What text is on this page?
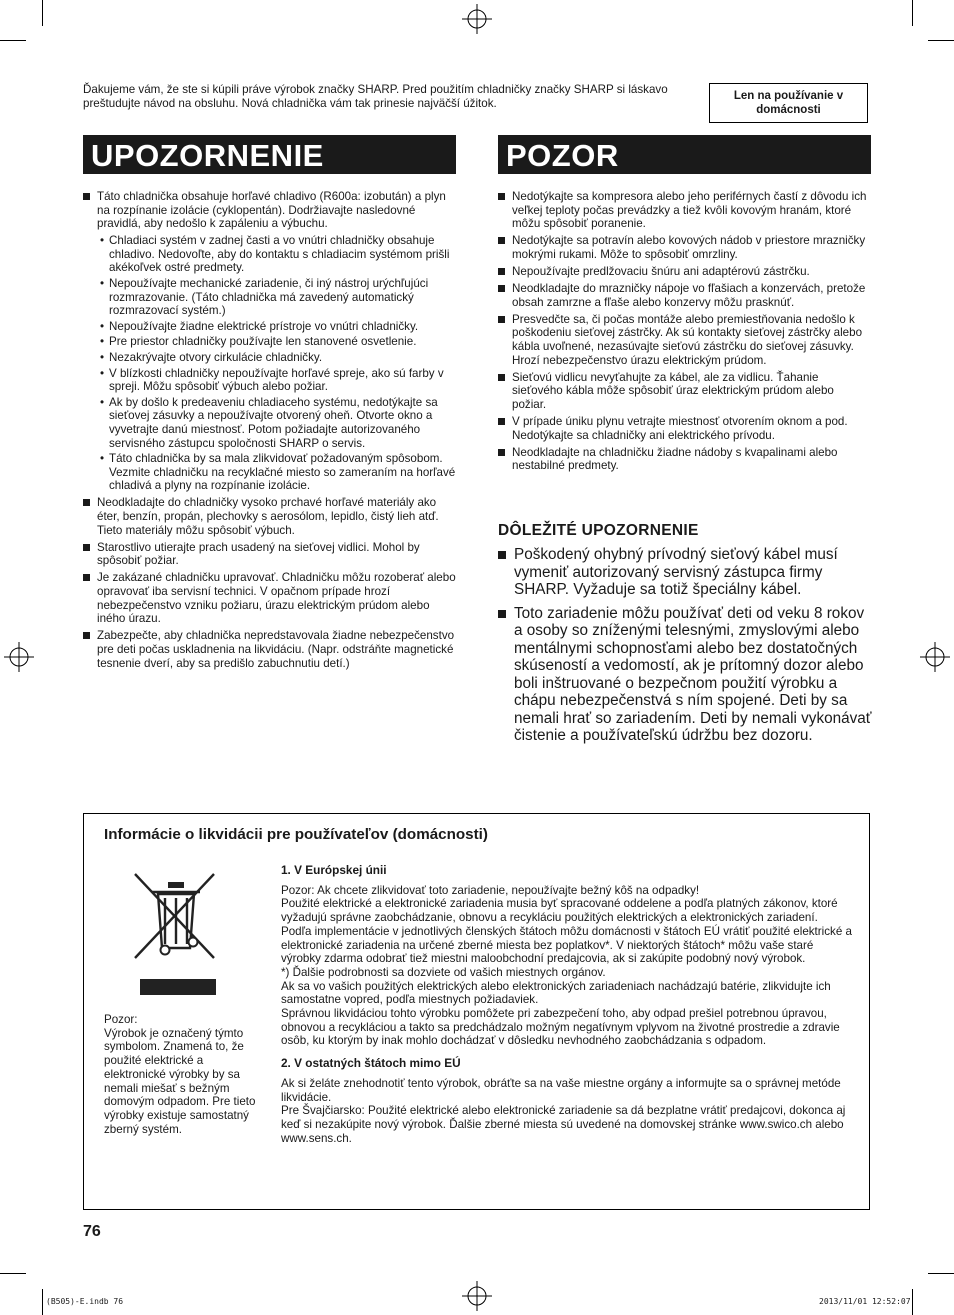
Ďakujeme vám, že ste si kúpili práve výrobok značky SHARP. Pred použitím chladničky značky SHARP si láskavo preštudujte návod na obsluhu. Nová chladnička vám tak prinesie najväčší úžitok.
Len na používanie v domácnosti
UPOZORNENIE	POZOR
Táto chladnička obsahuje horľavé chladivo (R600a: izobután) a plyn na rozpínanie izolácie (cyklopentán). Dodržiavajte nasledovné pravidlá, aby nedošlo k zapáleniu a výbuchu.
• Chladiaci systém v zadnej časti a vo vnútri chladničky obsahuje chladivo. Nedovoľte, aby do kontaktu s chladiacim systémom prišli akékoľvek ostré predmety.
• Nepoužívajte mechanické zariadenie, či iný nástroj urýchľujúci rozmrazovanie. (Táto chladnička má zavedený automatický rozmrazovací systém.)
• Nepoužívajte žiadne elektrické prístroje vo vnútri chladničky.
• Pre priestor chladničky používajte len stanovené osvetlenie.
• Nezakrývajte otvory cirkulácie chladničky.
• V blízkosti chladničky nepoužívajte horľavé spreje, ako sú farby v spreji. Môžu spôsobiť výbuch alebo požiar.
• Ak by došlo k predeaveniu chladiaceho systému, nedotýkajte sa sieťovej zásuvky a nepoužívajte otvorený oheň. Otvorte okno a vyvetrajte danú miestnosť. Potom požiadajte autorizovaného servisného zástupcu spoločnosti SHARP o servis.
• Táto chladnička by sa mala zlikvidovať požadovaným spôsobom. Vezmite chladničku na recyklačné miesto so zameraním na horľavé chladivá a plyny na rozpínanie izolácie.
Neodkladajte do chladničky vysoko prchavé horľavé materiály ako éter, benzín, propán, plechovky s aerosólom, lepidlo, čistý lieh atď.
Tieto materiály môžu spôsobiť výbuch.
Starostlivo utierajte prach usadený na sieťovej vidlici. Mohol by spôsobiť požiar.
Je zakázané chladničku upravovať. Chladničku môžu rozoberať alebo opravovať iba servisní technici. V opačnom prípade hrozí nebezpečenstvo vzniku požiaru, úrazu elektrickým prúdom alebo iného úrazu.
Zabezpečte, aby chladnička nepredstavovala žiadne nebezpečenstvo pre deti počas uskladnenia na likvidáciu. (Napr. odstráňte magnetické tesnenie dverí, aby sa predišlo zabuchnutiu detí.)
Nedotýkajte sa kompresora alebo jeho periférnych častí z dôvodu ich veľkej teploty počas prevádzky a tiež kvôli kovovým hranám, ktoré môžu spôsobiť poranenie.
Nedotýkajte sa potravín alebo kovových nádob v priestore mrazničky mokrými rukami. Môže to spôsobiť omrzliny.
Nepoužívajte predlžovaciu šnúru ani adaptérovú zástrčku.
Neodkladajte do mrazničky nápoje vo fľašiach a konzervách, pretože obsah zamrzne a fľaše alebo konzervy môžu prasknúť.
Presvedčte sa, či počas montáže alebo premiestňovania nedošlo k poškodeniu sieťovej zástrčky. Ak sú kontakty sieťovej zástrčky alebo kábla uvoľnené, nezasúvajte sieťovú zástrčku do sieťovej zásuvky. Hrozí nebezpečenstvo úrazu elektrickým prúdom.
Sieťovú vidlicu nevyťahujte za kábel, ale za vidlicu. Ťahanie sieťového kábla môže spôsobiť úraz elektrickým prúdom alebo požiar.
V prípade úniku plynu vetrajte miestnosť otvorením oknom a pod. Nedotýkajte sa chladničky ani elektrického prívodu.
Neodkladajte na chladničku žiadne nádoby s kvapalinami alebo nestabilné predmety.
DÔLEŽITÉ UPOZORNENIE
Poškodený ohybný prívodný sieťový kábel musí vymeniť autorizovaný servisný zástupca firmy SHARP. Vyžaduje sa totiž špeciálny kábel.
Toto zariadenie môžu používať deti od veku 8 rokov a osoby so zníženými telesnými, zmyslovými alebo mentálnymi schopnosťami alebo bez dostatočných skúseností a vedomostí, ak je prítomný dozor alebo boli inštruované o bezpečnom použití výrobku a chápu nebezpečenstvá s ním spojené. Deti by sa nemali hrať so zariadením. Deti by nemali vykonávať čistenie a používateľskú údržbu bez dozoru.
Informácie o likvidácii pre používateľov (domácnosti)
Pozor:
Výrobok je označený týmto symbolom. Znamená to, že použité elektrické a elektronické výrobky by sa nemali miešať s bežným domovým odpadom. Pre tieto výrobky existuje samostatný zberný systém.
1. V Európskej únii

Pozor: Ak chcete zlikvidovať toto zariadenie, nepoužívajte bežný kôš na odpadky!

Použité elektrické a elektronické zariadenia musia byť spracované oddelene a podľa platných zákonov, ktoré vyžadujú správne zaobchádzanie, obnovu a recykláciu použitých elektrických a elektronických zariadení.

Podľa implementácie v jednotlivých členských štátoch môžu domácnosti v štátoch EÚ vrátiť použité elektrické a elektronické zariadenia na určené zberné miesta bez poplatkov*. V niektorých štátoch* môžu vaše staré výrobky zdarma odobrať tiež miestni maloobchodní predajcovia, ak si zakúpite podobný nový výrobok.

*) Ďalšie podrobnosti sa dozviete od vašich miestnych orgánov.

Ak sa vo vašich použitých elektrických alebo elektronických zariadeniach nachádzajú batérie, zlikvidujte ich samostatne vopred, podľa miestnych požiadaviek.

Správnou likvidáciou tohto výrobku pomôžete pri zabezpečení toho, aby odpad prešiel potrebnou úpravou, obnovou a recykláciou a takto sa predchádzalo možným negatívnym vplyvom na životné prostredie a zdravie osôb, ku ktorým by inak mohlo dochádzať v dôsledku nevhodného zaobchádzania s odpadom.

2. V ostatných štátoch mimo EÚ

Ak si želáte znehodnotiť tento výrobok, obráťte sa na vaše miestne orgány a informujte sa o správnej metóde likvidácie.

Pre Švajčiarsko: Použité elektrické alebo elektronické zariadenie sa dá bezplatne vrátiť predajcovi, dokonca aj keď si nezakúpite nový výrobok. Ďalšie zberné miesta sú uvedené na domovskej stránke www.swico.ch alebo www.sens.ch.

76
(B505)-E.indb 76	2013/11/01 12:52:07
